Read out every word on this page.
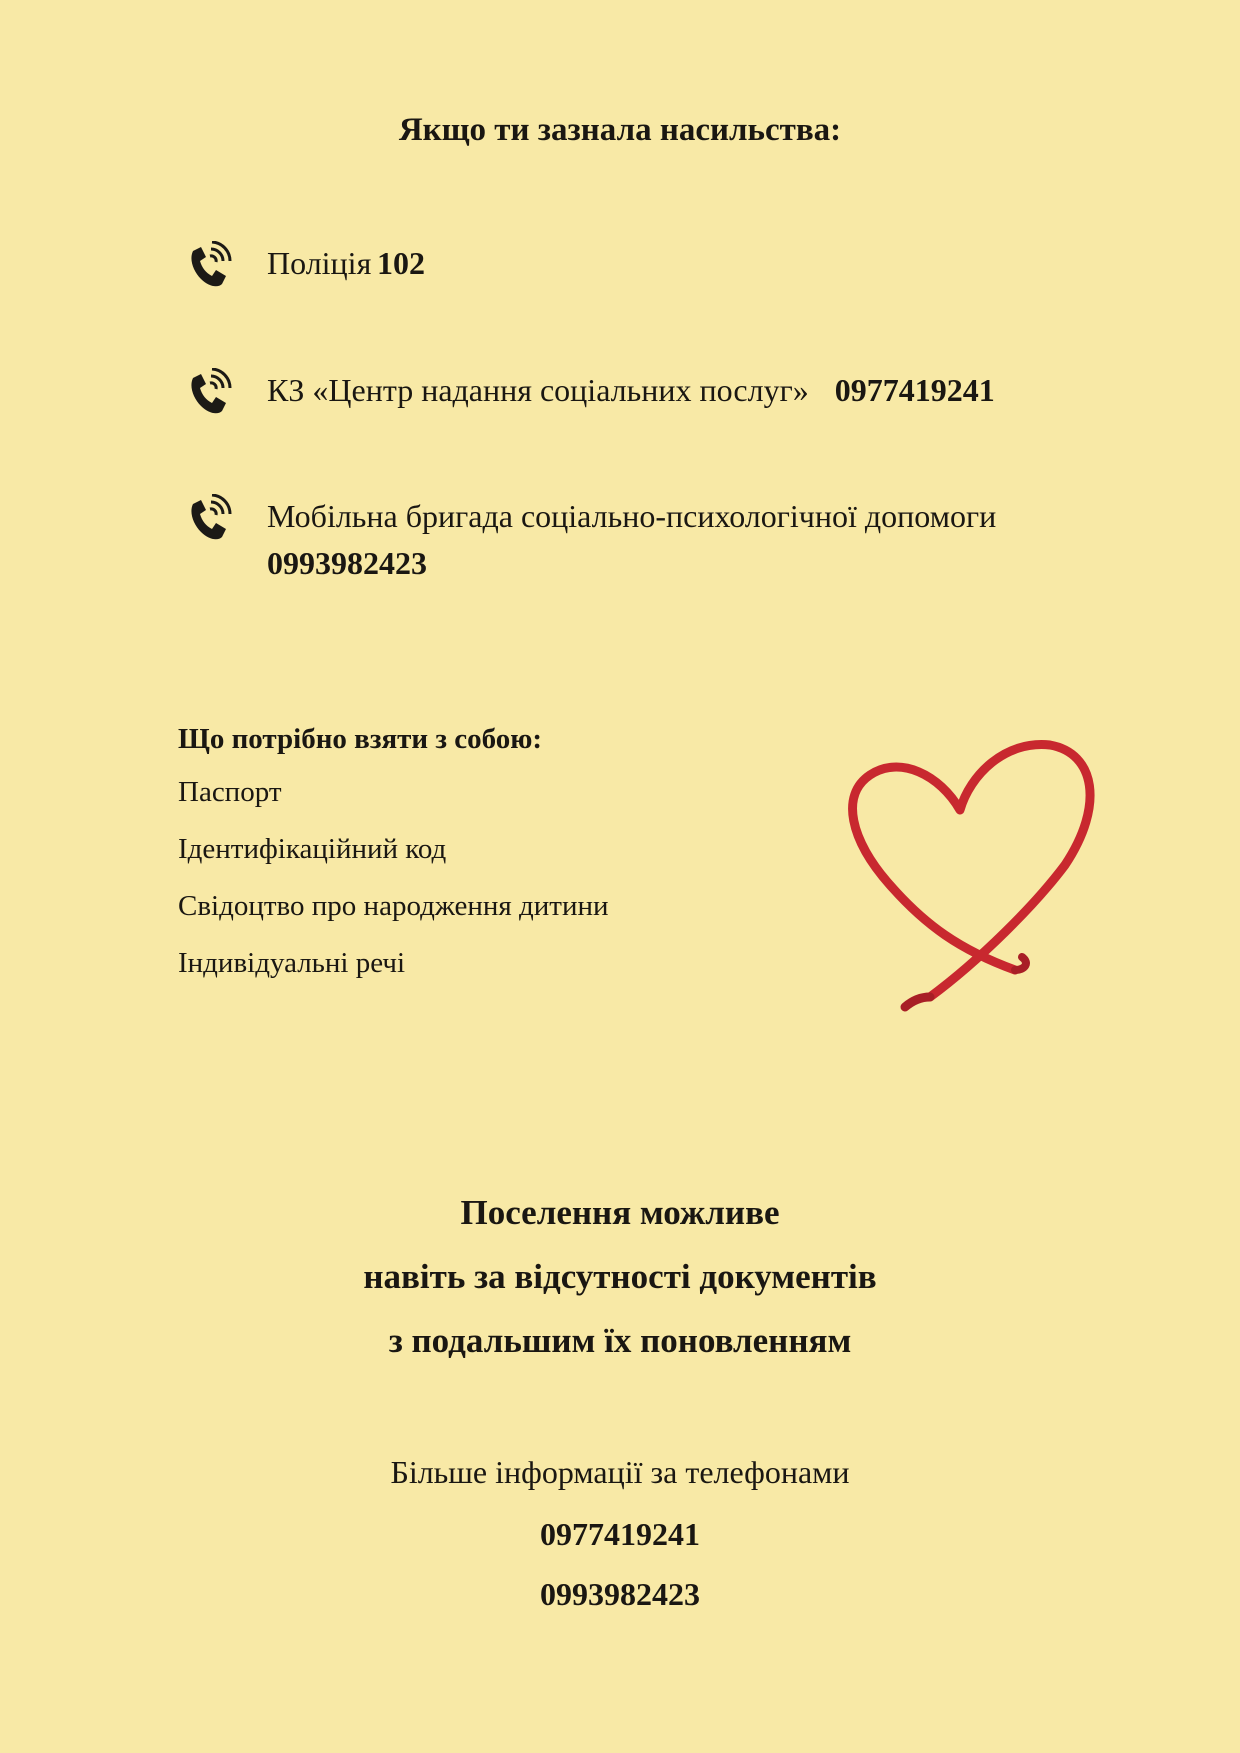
Якщо ти зазнала насильства:
Поліція 102
КЗ «Центр надання соціальних послуг» 0977419241
Мобільна бригада соціально-психологічної допомоги
0993982423
Що потрібно взяти з собою:
Паспорт
Ідентифікаційний код
Свідоцтво про народження дитини
Індивідуальні речі
Поселення можливе
навіть за відсутності документів
з подальшим їх поновленням
Більше інформації за телефонами
0977419241
0993982423
